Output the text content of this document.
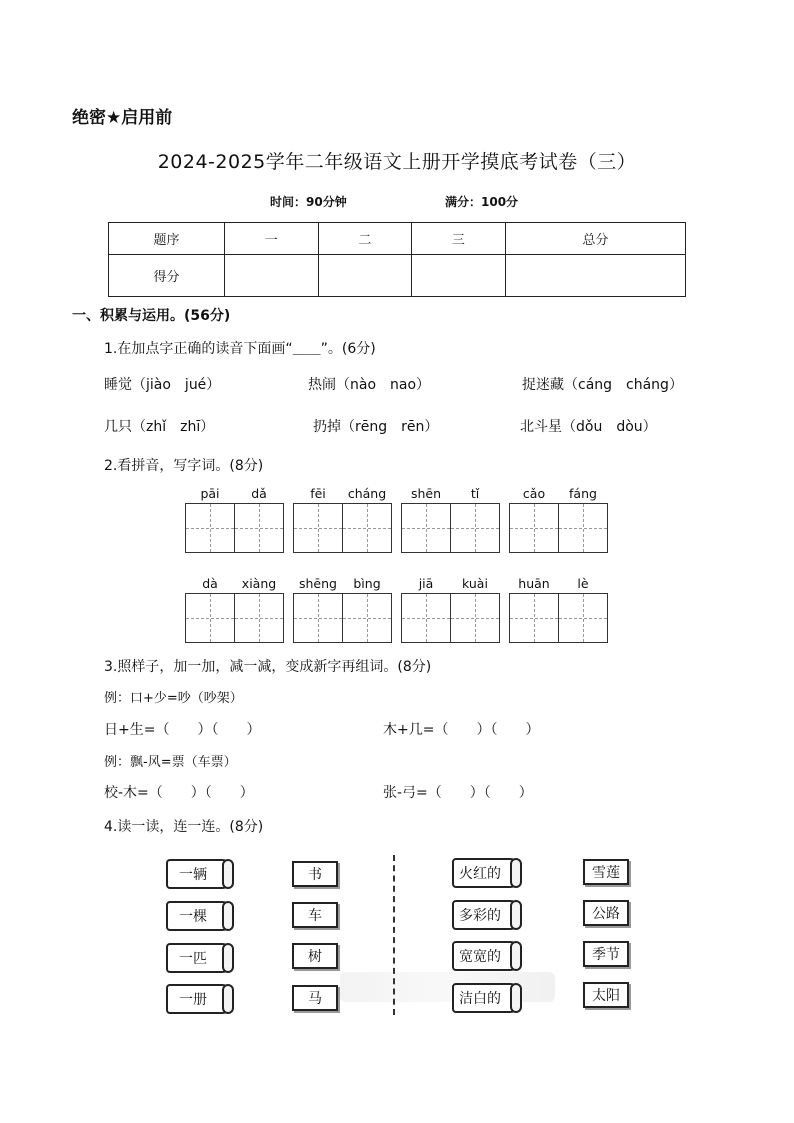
绝密★启用前
2024-2025学年二年级语文上册开学摸底考试卷（三）
时间：90分钟	满分：100分
题序	一	二	三	总分
得分				
一、积累与运用。(56分)
1.在加点字正确的读音下面画“＿＿”。(6分)
睡觉（jiào　jué）	热闹（nào　nao）	捉迷藏（cáng　cháng）
几只（zhǐ　zhī）	扔掉（rēng　rēn）	北斗星（dǒu　dòu）
2.看拼音，写字词。(8分)
pāi	dǎ	fēi	cháng	shēn	tǐ	cǎo	fáng
dà	xiàng	shēng	bìng	jiā	kuài	huān	lè
3.照样子，加一加，减一减，变成新字再组词。(8分)
例：口+少=吵（吵架）
日+生=（　　）（　　）	木+几=（　　）（　　）
例：飘-风=票（车票）
校-木=（　　）（　　）	张-弓=（　　）（　　）
4.读一读，连一连。(8分)
一辆
一棵
一匹
一册
书
车
树
马
火红的
多彩的
宽宽的
洁白的
雪莲
公路
季节
太阳
